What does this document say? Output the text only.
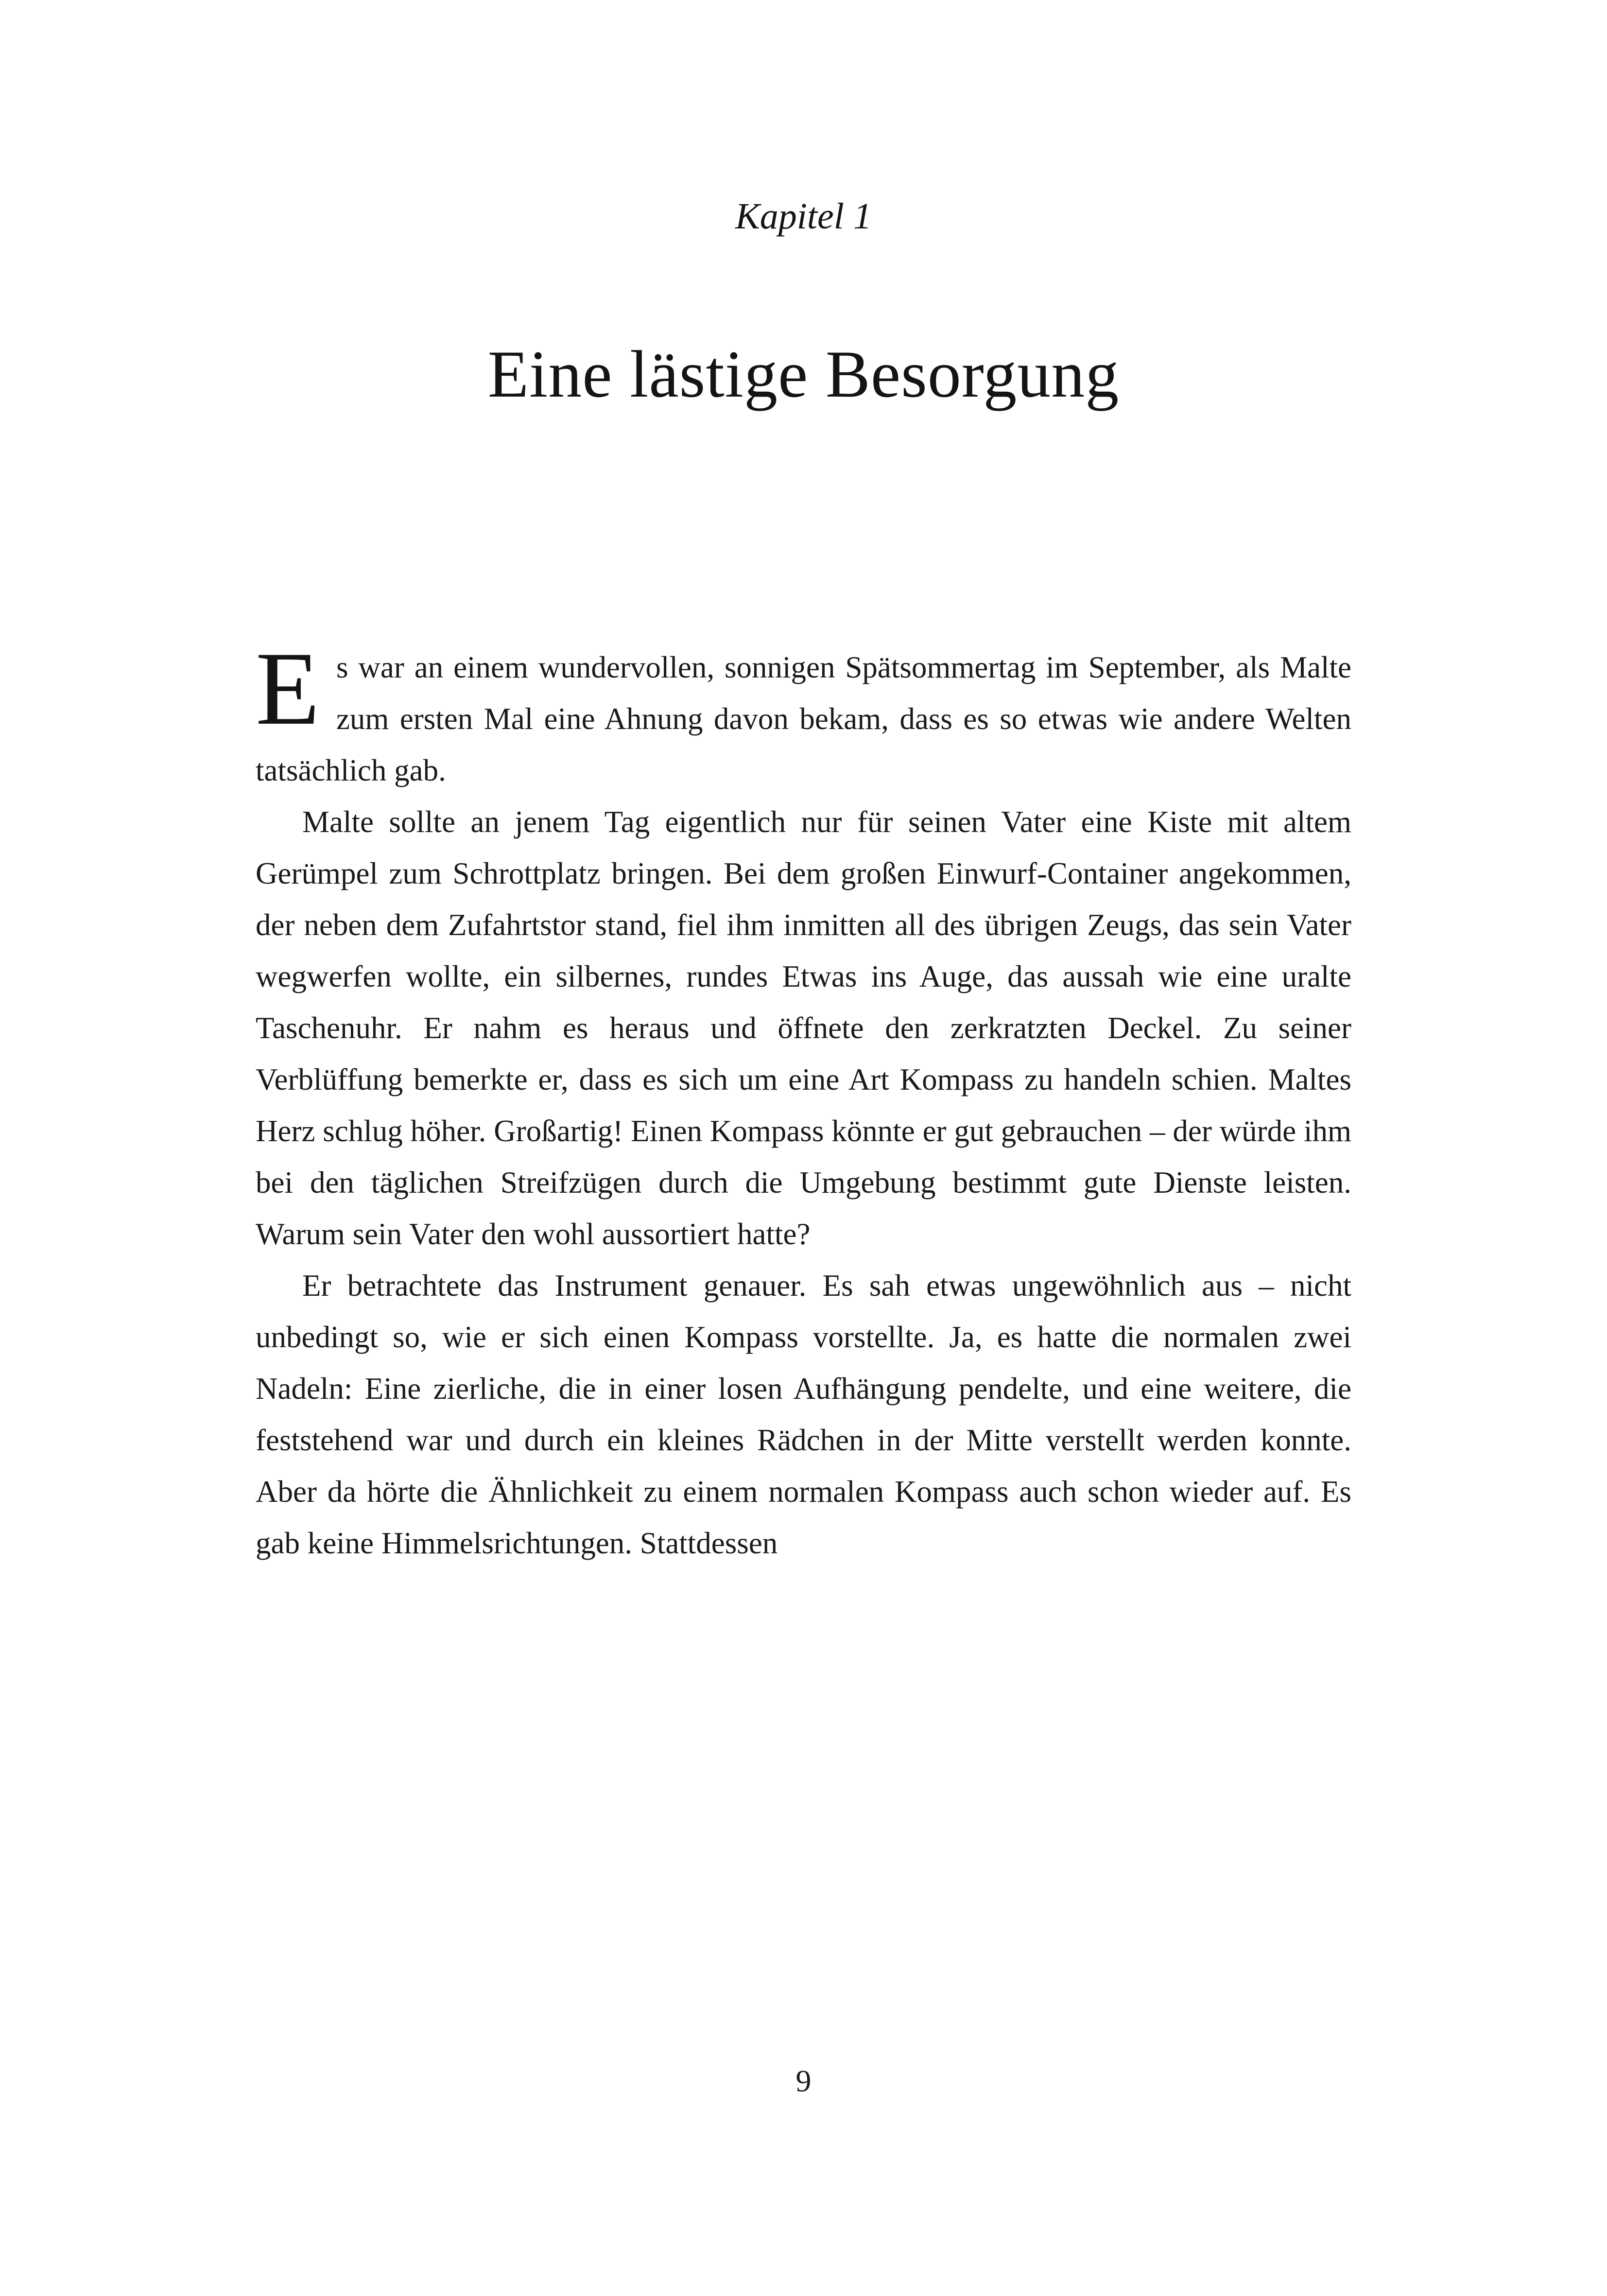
Kapitel 1

Eine lästige Besorgung

Es war an einem wundervollen, sonnigen Spätsommertag im September, als Malte zum ersten Mal eine Ahnung davon bekam, dass es so etwas wie andere Welten tatsächlich gab.

Malte sollte an jenem Tag eigentlich nur für seinen Vater eine Kiste mit altem Gerümpel zum Schrottplatz bringen. Bei dem großen Einwurf-Container angekommen, der neben dem Zufahrtstor stand, fiel ihm inmitten all des übrigen Zeugs, das sein Vater wegwerfen wollte, ein silbernes, rundes Etwas ins Auge, das aussah wie eine uralte Taschenuhr. Er nahm es heraus und öffnete den zerkratzten Deckel. Zu seiner Verblüffung bemerkte er, dass es sich um eine Art Kompass zu handeln schien. Maltes Herz schlug höher. Großartig! Einen Kompass könnte er gut gebrauchen – der würde ihm bei den täglichen Streifzügen durch die Umgebung bestimmt gute Dienste leisten. Warum sein Vater den wohl aussortiert hatte?

Er betrachtete das Instrument genauer. Es sah etwas ungewöhnlich aus – nicht unbedingt so, wie er sich einen Kompass vorstellte. Ja, es hatte die normalen zwei Nadeln: Eine zierliche, die in einer losen Aufhängung pendelte, und eine weitere, die feststehend war und durch ein kleines Rädchen in der Mitte verstellt werden konnte. Aber da hörte die Ähnlichkeit zu einem normalen Kompass auch schon wieder auf. Es gab keine Himmelsrichtungen. Stattdessen

9
